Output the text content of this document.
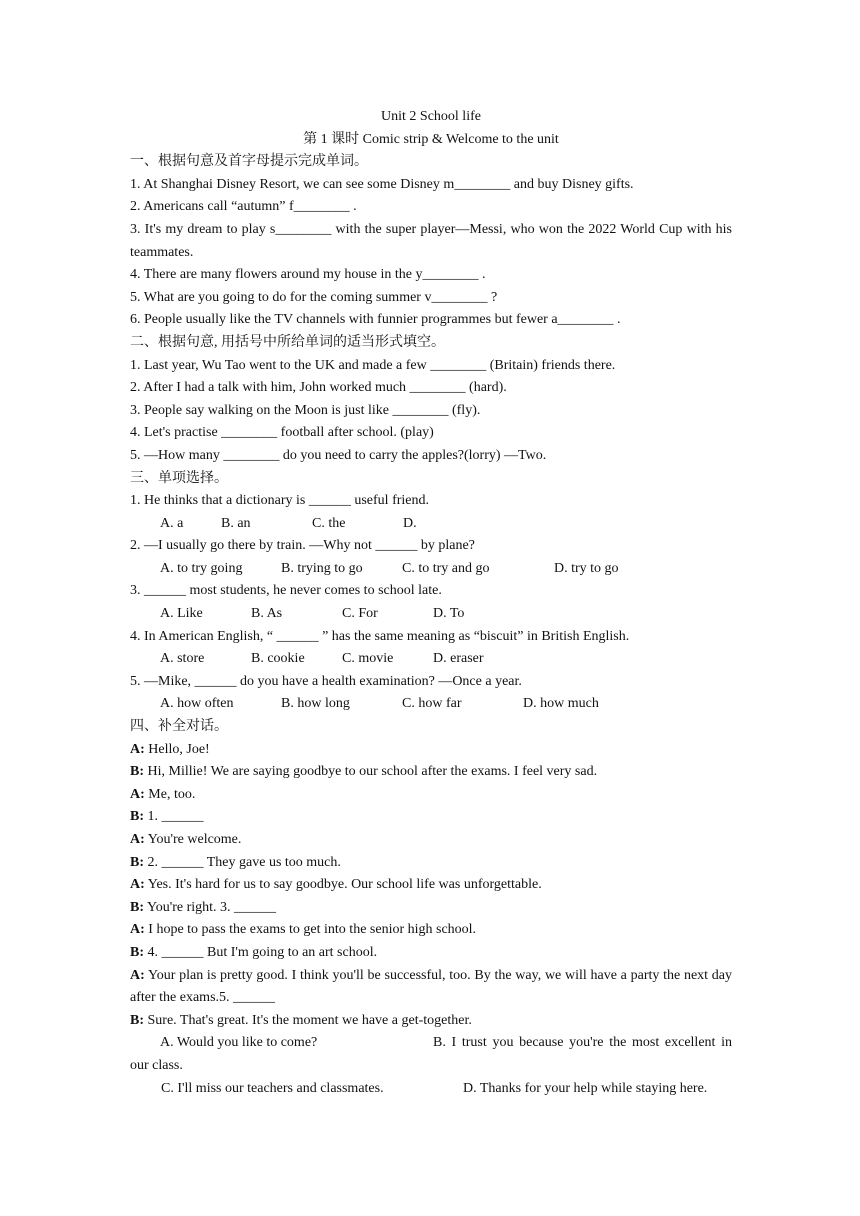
Unit 2 School life
第 1 课时 Comic strip & Welcome to the unit
一、根据句意及首字母提示完成单词。
1. At Shanghai Disney Resort, we can see some Disney m________ and buy Disney gifts.
2. Americans call “autumn” f________ .
3. It's my dream to play s________ with the super player—Messi, who won the 2022 World Cup with his teammates.
4. There are many flowers around my house in the y________ .
5. What are you going to do for the coming summer v________ ?
6. People usually like the TV channels with funnier programmes but fewer a________ .
二、根据句意, 用括号中所给单词的适当形式填空。
1. Last year, Wu Tao went to the UK and made a few ________ (Britain) friends there.
2. After I had a talk with him, John worked much ________ (hard).
3. People say walking on the Moon is just like ________ (fly).
4. Let's practise ________ football after school. (play)
5. —How many ________ do you need to carry the apples?(lorry) —Two.
三、单项选择。
1. He thinks that a dictionary is ______ useful friend.
A. a	B. an	C. the	D.
2. —I usually go there by train. —Why not ______ by plane?
A. to try going	B. trying to go	C. to try and go	D. try to go
3. ______ most students, he never comes to school late.
A. Like	B. As	C. For	D. To
4. In American English, “ ______ ” has the same meaning as “biscuit” in British English.
A. store	B. cookie	C. movie	D. eraser
5. —Mike, ______ do you have a health examination? —Once a year.
A. how often	B. how long	C. how far	D. how much
四、补全对话。
A: Hello, Joe!
B: Hi, Millie! We are saying goodbye to our school after the exams. I feel very sad.
A: Me, too.
B: 1. ______
A: You're welcome.
B: 2. ______ They gave us too much.
A: Yes. It's hard for us to say goodbye. Our school life was unforgettable.
B: You're right. 3. ______
A: I hope to pass the exams to get into the senior high school.
B: 4. ______ But I'm going to an art school.
A: Your plan is pretty good. I think you'll be successful, too. By the way, we will have a party the next day after the exams.5. ______
B: Sure. That's great. It's the moment we have a get-together.
A. Would you like to come?	B. I trust you because you're the most excellent in our class.
C. I'll miss our teachers and classmates.	D. Thanks for your help while staying here.
